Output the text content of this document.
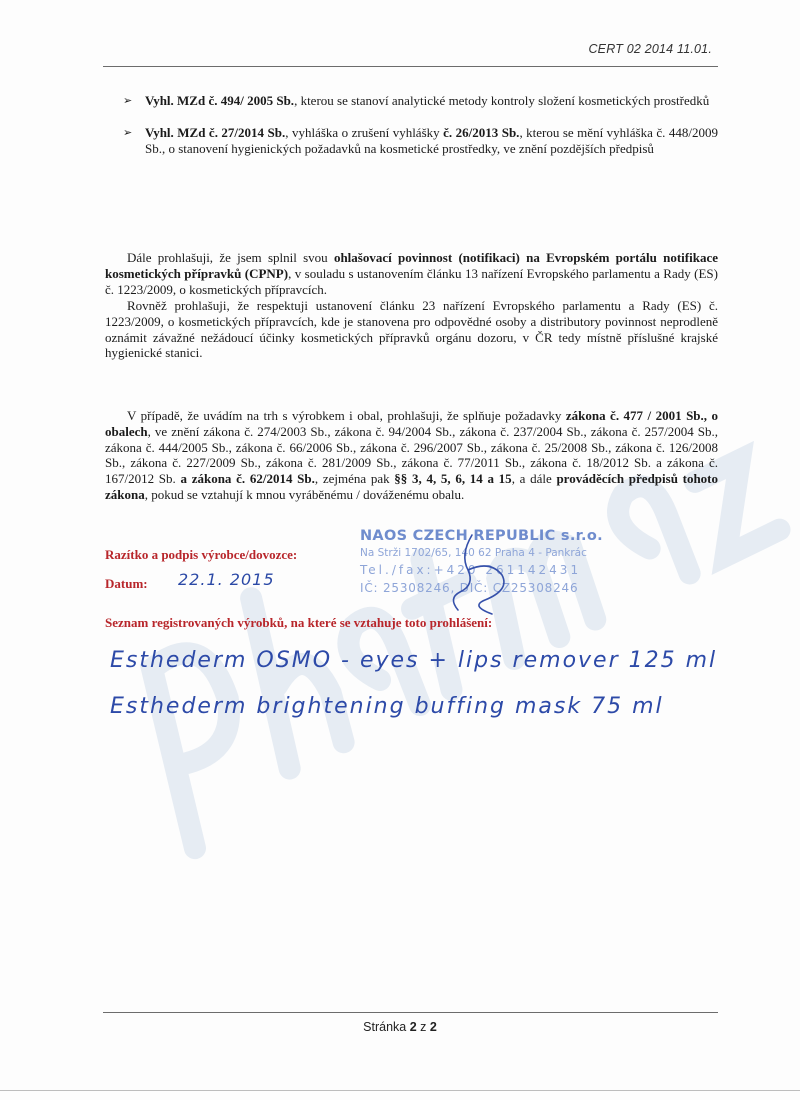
CERT 02 2014 11.01.
➢ Vyhl. MZd č. 494/ 2005 Sb., kterou se stanoví analytické metody kontroly složení kosmetických prostředků
➢ Vyhl. MZd č. 27/2014 Sb., vyhláška o zrušení vyhlášky č. 26/2013 Sb., kterou se mění vyhláška č. 448/2009 Sb., o stanovení hygienických požadavků na kosmetické prostředky, ve znění pozdějších předpisů
Dále prohlašuji, že jsem splnil svou ohlašovací povinnost (notifikaci) na Evropském portálu notifikace kosmetických přípravků (CPNP), v souladu s ustanovením článku 13 nařízení Evropského parlamentu a Rady (ES) č. 1223/2009, o kosmetických přípravcích.
Rovněž prohlašuji, že respektuji ustanovení článku 23 nařízení Evropského parlamentu a Rady (ES) č. 1223/2009, o kosmetických přípravcích, kde je stanovena pro odpovědné osoby a distributory povinnost neprodleně oznámit závažné nežádoucí účinky kosmetických přípravků orgánu dozoru, v ČR tedy místně příslušné krajské hygienické stanici.
V případě, že uvádím na trh s výrobkem i obal, prohlašuji, že splňuje požadavky zákona č. 477 / 2001 Sb., o obalech, ve znění zákona č. 274/2003 Sb., zákona č. 94/2004 Sb., zákona č. 237/2004 Sb., zákona č. 257/2004 Sb., zákona č. 444/2005 Sb., zákona č. 66/2006 Sb., zákona č. 296/2007 Sb., zákona č. 25/2008 Sb., zákona č. 126/2008 Sb., zákona č. 227/2009 Sb., zákona č. 281/2009 Sb., zákona č. 77/2011 Sb., zákona č. 18/2012 Sb. a zákona č. 167/2012 Sb. a zákona č. 62/2014 Sb., zejména pak §§ 3, 4, 5, 6, 14 a 15, a dále prováděcích předpisů tohoto zákona, pokud se vztahují k mnou vyráběnému / dováženému obalu.
Razítko a podpis výrobce/dovozce:
Datum: 22.1. 2015
NAOS CZECH REPUBLIC s.r.o.
Na Strži 1702/65, 140 62 Praha 4 - Pankrác
Tel./fax:+420 261142431
IČ: 25308246, DIČ: CZ25308246
Seznam registrovaných výrobků, na které se vztahuje toto prohlášení:
Esthederm OSMO - eyes + lips remover 125 ml
Esthederm brightening buffing mask 75 ml
Stránka 2 z 2
